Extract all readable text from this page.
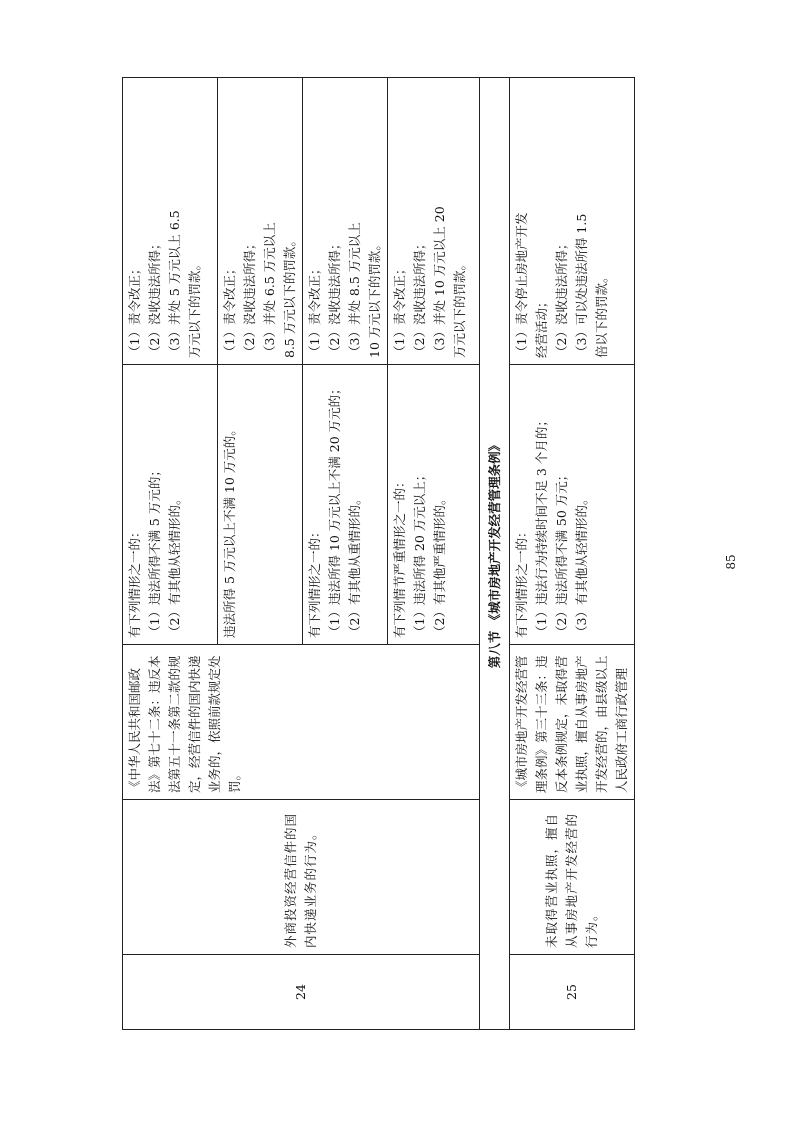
24	外商投资经营信件的国内快递业务的行为。	《中华人民共和国邮政法》第七十二条：违反本法第五十一条第二款的规定，经营信件的国内快递业务的，依照前款规定处罚。	有下列情形之一的： （1）违法所得不满 5 万元的； （2）有其他从轻情形的。	（1）责令改正； （2）没收违法所得； （3）并处 5 万元以上 6.5 万元以下的罚款。

			违法所得 5 万元以上不满 10 万元的。	（1）责令改正； （2）没收违法所得； （3）并处 6.5 万元以上 8.5 万元以下的罚款。

			有下列情形之一的： （1）违法所得 10 万元以上不满 20 万元的； （2）有其他从重情形的。	（1）责令改正； （2）没收违法所得； （3）并处 8.5 万元以上 10 万元以下的罚款。

			有下列情节严重情形之一的： （1）违法所得 20 万元以上； （2）有其他严重情形的。	（1）责令改正； （2）没收违法所得； （3）并处 10 万元以上 20 万元以下的罚款。

第八节 《城市房地产开发经营管理条例》				
25	未取得营业执照，擅自从事房地产开发经营的行为。	《城市房地产开发经营管理条例》第三十三条：违反本条例规定，未取得营业执照，擅自从事房地产开发经营的，由县级以上人民政府工商行政管理	有下列情形之一的： （1）违法行为持续时间不足 3 个月的； （2）违法所得不满 50 万元； （3）有其他从轻情形的。	（1）责令停止房地产开发 经营活动； （2）没收违法所得； （3）可以处违法所得 1.5 倍以下的罚款。
85
